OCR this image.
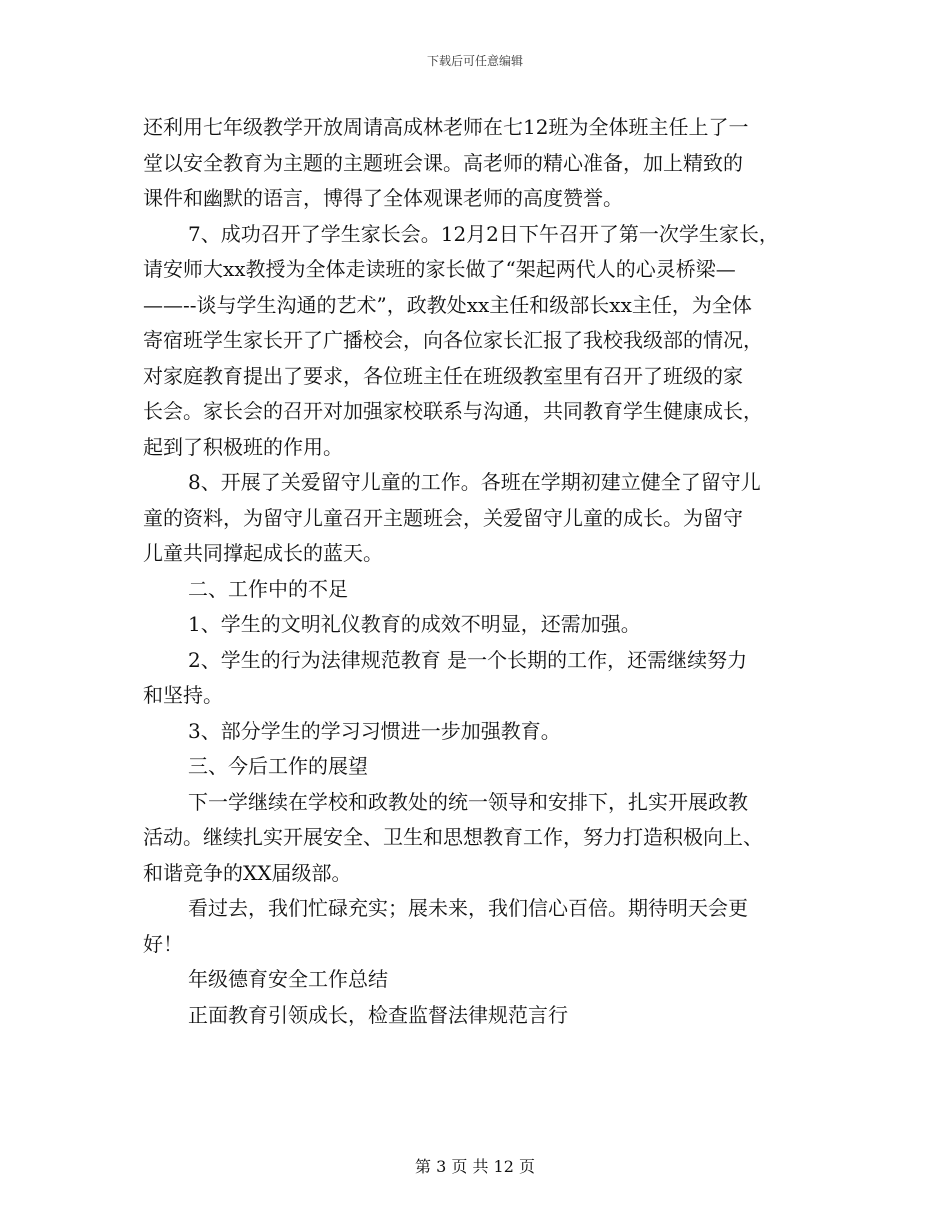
下载后可任意编辑
还利用七年级教学开放周请高成林老师在七12班为全体班主任上了一
堂以安全教育为主题的主题班会课。高老师的精心准备，加上精致的
课件和幽默的语言，博得了全体观课老师的高度赞誉。
7、成功召开了学生家长会。12月2日下午召开了第一次学生家长，
请安师大xx教授为全体走读班的家长做了“架起两代人的心灵桥梁—
——--谈与学生沟通的艺术”，政教处xx主任和级部长xx主任，为全体
寄宿班学生家长开了广播校会，向各位家长汇报了我校我级部的情况，
对家庭教育提出了要求，各位班主任在班级教室里有召开了班级的家
长会。家长会的召开对加强家校联系与沟通，共同教育学生健康成长，
起到了积极班的作用。
8、开展了关爱留守儿童的工作。各班在学期初建立健全了留守儿
童的资料，为留守儿童召开主题班会，关爱留守儿童的成长。为留守
儿童共同撑起成长的蓝天。
二、工作中的不足
1、学生的文明礼仪教育的成效不明显，还需加强。
2、学生的行为法律规范教育 是一个长期的工作，还需继续努力
和坚持。
3、部分学生的学习习惯进一步加强教育。
三、今后工作的展望
下一学继续在学校和政教处的统一领导和安排下，扎实开展政教
活动。继续扎实开展安全、卫生和思想教育工作，努力打造积极向上、
和谐竞争的XX届级部。
看过去，我们忙碌充实；展未来，我们信心百倍。期待明天会更
好！
年级德育安全工作总结
正面教育引领成长，检查监督法律规范言行
第 3 页 共 12 页
